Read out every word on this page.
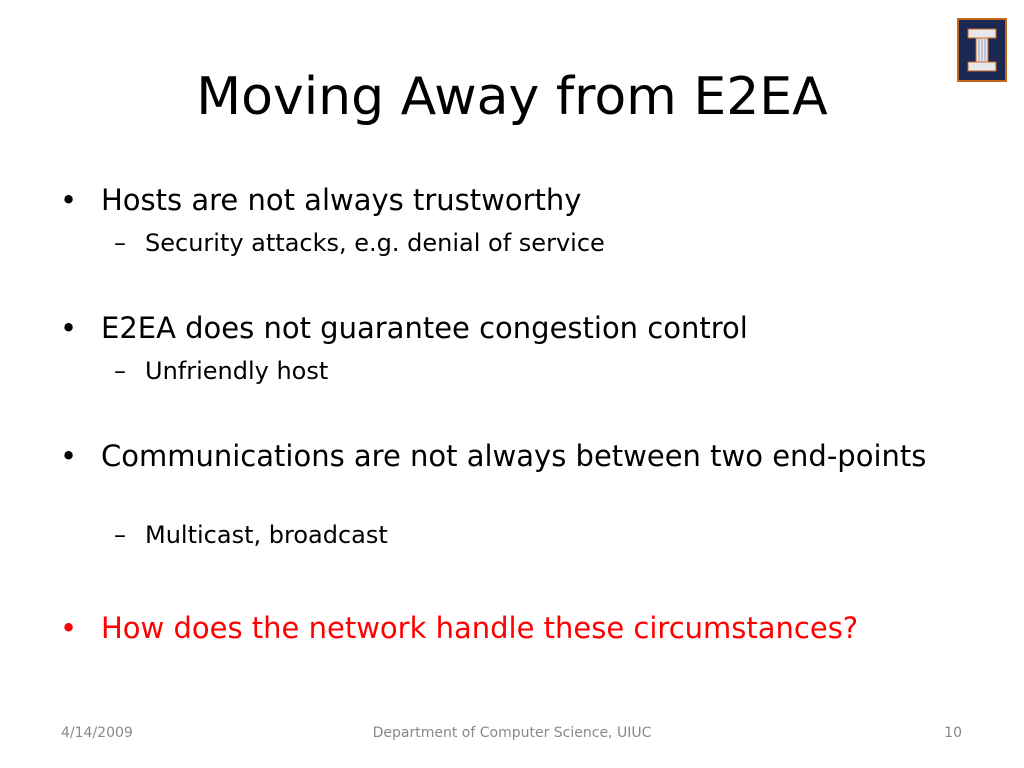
Moving Away from E2EA
• Hosts are not always trustworthy
– Security attacks, e.g. denial of service
• E2EA does not guarantee congestion control
– Unfriendly host
• Communications are not always between two end-points
– Multicast, broadcast
• How does the network handle these circumstances?
4/14/2009	Department of Computer Science, UIUC	10
